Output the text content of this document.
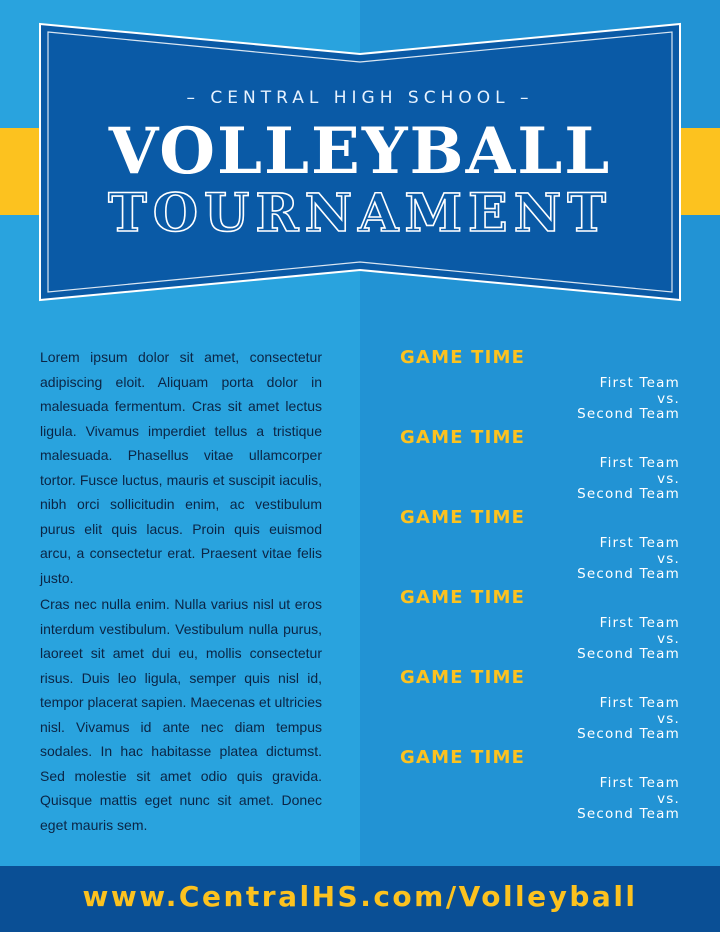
– CENTRAL HIGH SCHOOL –
VOLLEYBALL
TOURNAMENT

Lorem ipsum dolor sit amet, consectetur adipiscing eloit. Aliquam porta dolor in malesuada fermentum. Cras sit amet lectus ligula. Vivamus imperdiet tellus a tristique malesuada. Phasellus vitae ullamcorper tortor. Fusce luctus, mauris et suscipit iaculis, nibh orci sollicitudin enim, ac vestibulum purus elit quis lacus. Proin quis euismod arcu, a consectetur erat. Praesent vitae felis justo.

Cras nec nulla enim. Nulla varius nisl ut eros interdum vestibulum. Vestibulum nulla purus, laoreet sit amet dui eu, mollis consectetur risus. Duis leo ligula, semper quis nisl id, tempor placerat sapien. Maecenas et ultricies nisl. Vivamus id ante nec diam tempus sodales. In hac habitasse platea dictumst. Sed molestie sit amet odio quis gravida. Quisque mattis eget nunc sit amet. Donec eget mauris sem.

GAME TIME
First Team
vs.
Second Team
GAME TIME
First Team
vs.
Second Team
GAME TIME
First Team
vs.
Second Team
GAME TIME
First Team
vs.
Second Team
GAME TIME
First Team
vs.
Second Team
GAME TIME
First Team
vs.
Second Team
www.CentralHS.com/Volleyball
